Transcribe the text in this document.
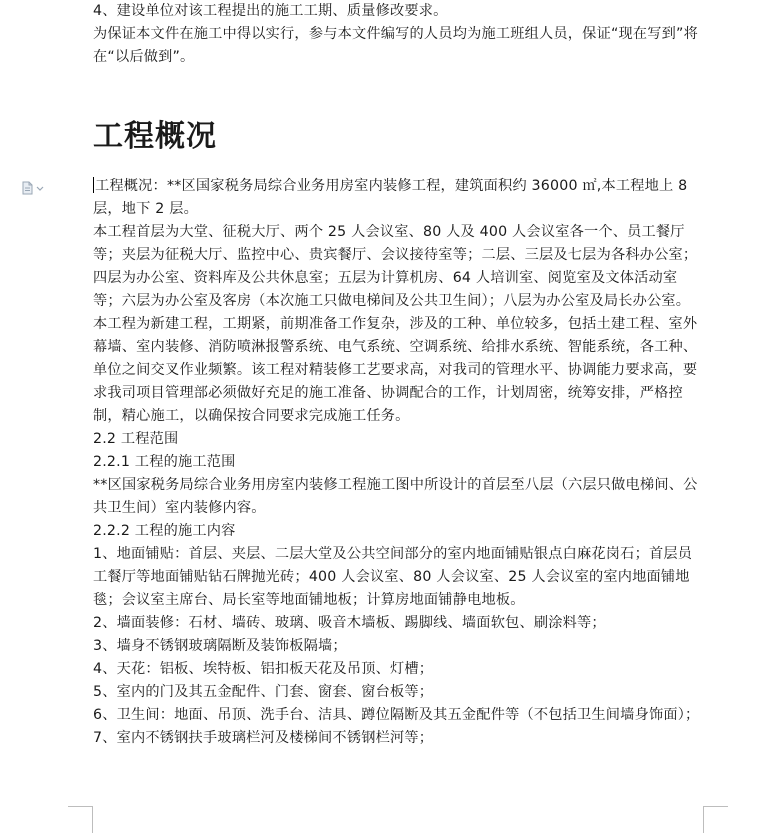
4、建设单位对该工程提出的施工工期、质量修改要求。

为保证本文件在施工中得以实行，参与本文件编写的人员均为施工班组人员，保证“现在写到”将在“以后做到”。

工程概况

工程概况：**区国家税务局综合业务用房室内装修工程，建筑面积约 36000 ㎡,本工程地上 8 层，地下 2 层。

本工程首层为大堂、征税大厅、两个 25 人会议室、80 人及 400 人会议室各一个、员工餐厅等；夹层为征税大厅、监控中心、贵宾餐厅、会议接待室等；二层、三层及七层为各科办公室；四层为办公室、资料库及公共休息室；五层为计算机房、64 人培训室、阅览室及文体活动室等；六层为办公室及客房（本次施工只做电梯间及公共卫生间）；八层为办公室及局长办公室。

本工程为新建工程，工期紧，前期准备工作复杂，涉及的工种、单位较多，包括土建工程、室外幕墙、室内装修、消防喷淋报警系统、电气系统、空调系统、给排水系统、智能系统，各工种、单位之间交叉作业频繁。该工程对精装修工艺要求高，对我司的管理水平、协调能力要求高，要求我司项目管理部必须做好充足的施工准备、协调配合的工作，计划周密，统筹安排，严格控制，精心施工，以确保按合同要求完成施工任务。

2.2 工程范围

2.2.1 工程的施工范围

**区国家税务局综合业务用房室内装修工程施工图中所设计的首层至八层（六层只做电梯间、公共卫生间）室内装修内容。

2.2.2 工程的施工内容

1、地面铺贴：首层、夹层、二层大堂及公共空间部分的室内地面铺贴银点白麻花岗石；首层员工餐厅等地面铺贴钻石牌抛光砖；400 人会议室、80 人会议室、25 人会议室的室内地面铺地毯；会议室主席台、局长室等地面铺地板；计算房地面铺静电地板。

2、墙面装修：石材、墙砖、玻璃、吸音木墙板、踢脚线、墙面软包、刷涂料等；

3、墙身不锈钢玻璃隔断及装饰板隔墙；

4、天花：铝板、埃特板、铝扣板天花及吊顶、灯槽；

5、室内的门及其五金配件、门套、窗套、窗台板等；

6、卫生间：地面、吊顶、洗手台、洁具、蹲位隔断及其五金配件等（不包括卫生间墙身饰面）；

7、室内不锈钢扶手玻璃栏河及楼梯间不锈钢栏河等；
